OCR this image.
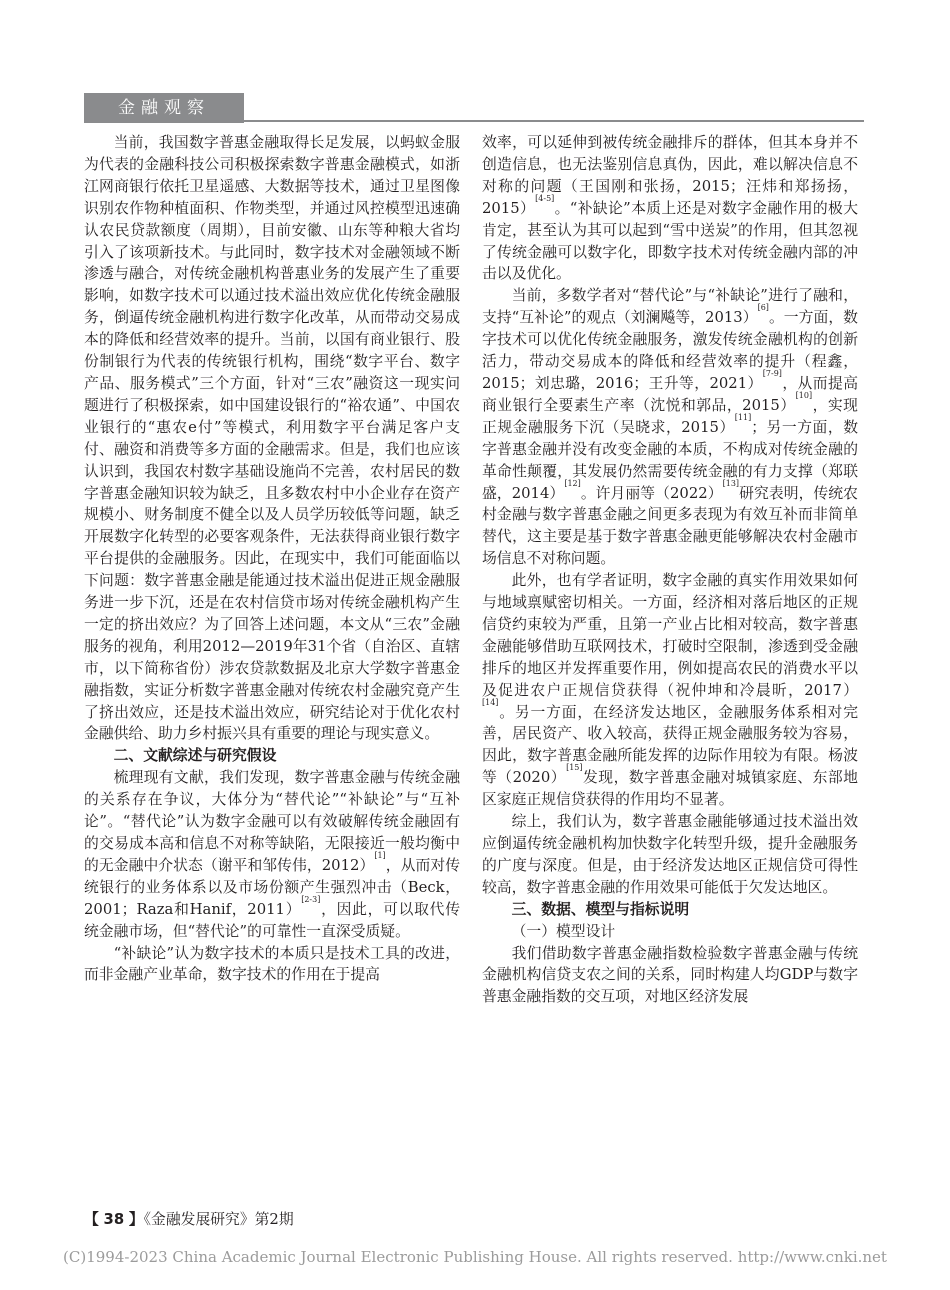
金融观察

当前，我国数字普惠金融取得长足发展，以蚂蚁金服为代表的金融科技公司积极探索数字普惠金融模式，如浙江网商银行依托卫星遥感、大数据等技术，通过卫星图像识别农作物种植面积、作物类型，并通过风控模型迅速确认农民贷款额度（周期），目前安徽、山东等种粮大省均引入了该项新技术。与此同时，数字技术对金融领域不断渗透与融合，对传统金融机构普惠业务的发展产生了重要影响，如数字技术可以通过技术溢出效应优化传统金融服务，倒逼传统金融机构进行数字化改革，从而带动交易成本的降低和经营效率的提升。当前，以国有商业银行、股份制银行为代表的传统银行机构，围绕“数字平台、数字产品、服务模式”三个方面，针对“三农”融资这一现实问题进行了积极探索，如中国建设银行的“裕农通”、中国农业银行的“惠农e付”等模式，利用数字平台满足客户支付、融资和消费等多方面的金融需求。但是，我们也应该认识到，我国农村数字基础设施尚不完善，农村居民的数字普惠金融知识较为缺乏，且多数农村中小企业存在资产规模小、财务制度不健全以及人员学历较低等问题，缺乏开展数字化转型的必要客观条件，无法获得商业银行数字平台提供的金融服务。因此，在现实中，我们可能面临以下问题：数字普惠金融是能通过技术溢出促进正规金融服务进一步下沉，还是在农村信贷市场对传统金融机构产生一定的挤出效应？为了回答上述问题，本文从“三农”金融服务的视角，利用2012—2019年31个省（自治区、直辖市，以下简称省份）涉农贷款数据及北京大学数字普惠金融指数，实证分析数字普惠金融对传统农村金融究竟产生了挤出效应，还是技术溢出效应，研究结论对于优化农村金融供给、助力乡村振兴具有重要的理论与现实意义。

二、文献综述与研究假设

梳理现有文献，我们发现，数字普惠金融与传统金融的关系存在争议，大体分为“替代论”“补缺论”与“互补论”。“替代论”认为数字金融可以有效破解传统金融固有的交易成本高和信息不对称等缺陷，无限接近一般均衡中的无金融中介状态（谢平和邹传伟，2012）[1]，从而对传统银行的业务体系以及市场份额产生强烈冲击（Beck，2001；Raza和Hanif，2011）[2-3]，因此，可以取代传统金融市场，但“替代论”的可靠性一直深受质疑。

“补缺论”认为数字技术的本质只是技术工具的改进，而非金融产业革命，数字技术的作用在于提高

效率，可以延伸到被传统金融排斥的群体，但其本身并不创造信息，也无法鉴别信息真伪，因此，难以解决信息不对称的问题（王国刚和张扬，2015；汪炜和郑扬扬，2015）[4-5]。“补缺论”本质上还是对数字金融作用的极大肯定，甚至认为其可以起到“雪中送炭”的作用，但其忽视了传统金融可以数字化，即数字技术对传统金融内部的冲击以及优化。

当前，多数学者对“替代论”与“补缺论”进行了融和，支持“互补论”的观点（刘澜飚等，2013）[6]。一方面，数字技术可以优化传统金融服务，激发传统金融机构的创新活力，带动交易成本的降低和经营效率的提升（程鑫，2015；刘忠璐，2016；王升等，2021）[7-9]，从而提高商业银行全要素生产率（沈悦和郭品，2015）[10]，实现正规金融服务下沉（吴晓求，2015）[11]；另一方面，数字普惠金融并没有改变金融的本质，不构成对传统金融的革命性颠覆，其发展仍然需要传统金融的有力支撑（郑联盛，2014）[12]。许月丽等（2022）[13]研究表明，传统农村金融与数字普惠金融之间更多表现为有效互补而非简单替代，这主要是基于数字普惠金融更能够解决农村金融市场信息不对称问题。

此外，也有学者证明，数字金融的真实作用效果如何与地域禀赋密切相关。一方面，经济相对落后地区的正规信贷约束较为严重，且第一产业占比相对较高，数字普惠金融能够借助互联网技术，打破时空限制，渗透到受金融排斥的地区并发挥重要作用，例如提高农民的消费水平以及促进农户正规信贷获得（祝仲坤和冷晨昕，2017）[14]。另一方面，在经济发达地区，金融服务体系相对完善，居民资产、收入较高，获得正规金融服务较为容易，因此，数字普惠金融所能发挥的边际作用较为有限。杨波等（2020）[15]发现，数字普惠金融对城镇家庭、东部地区家庭正规信贷获得的作用均不显著。

综上，我们认为，数字普惠金融能够通过技术溢出效应倒逼传统金融机构加快数字化转型升级，提升金融服务的广度与深度。但是，由于经济发达地区正规信贷可得性较高，数字普惠金融的作用效果可能低于欠发达地区。

三、数据、模型与指标说明
（一）模型设计

我们借助数字普惠金融指数检验数字普惠金融与传统金融机构信贷支农之间的关系，同时构建人均GDP与数字普惠金融指数的交互项，对地区经济发展

【 38 】《金融发展研究》第2期
(C)1994-2023 China Academic Journal Electronic Publishing House. All rights reserved. http://www.cnki.net
